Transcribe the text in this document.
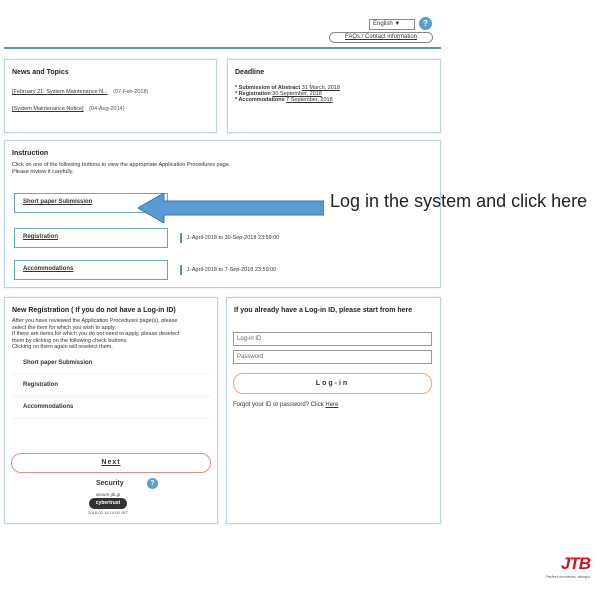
English ▼	?
FAQs / Contact information
News and Topics
[February 21: System Maintenance N... (07-Feb-2018)
[System Maintenance Notice] (04-Aug-2014)
Deadline
* Submission of Abstract 31 March, 2018
* Registration 30 September, 2018
* Accommodations 7 September, 2018
Instruction
Click on one of the following buttons to view the appropriate Application Procedures page.
Please review it carefully.
Short paper Submission
Registration	1-April-2018 to 30-Sep-2018 23:59:00
Accommodations	1-April-2018 to 7-Sep-2018 23:59:00
Log in the system and click here
New Registration ( If you do not have a Log-in ID)
After you have reviewed the Application Procedures page(s), please
select the item for which you wish to apply.
If there are items for which you do not need to apply, please deselect
them by clicking on the following check buttons.
Clicking on them again will reselect them.
Short paper Submission
Registration
Accommodations
Next
Security	?
secure.jtb.jp
cybertrust
2018-02-14 14:00 JST
If you already have a Log-in ID, please start from here
Log-in ID
Password
Log-in
Forgot your ID or password? Click Here
JTB
Perfect moments, always
